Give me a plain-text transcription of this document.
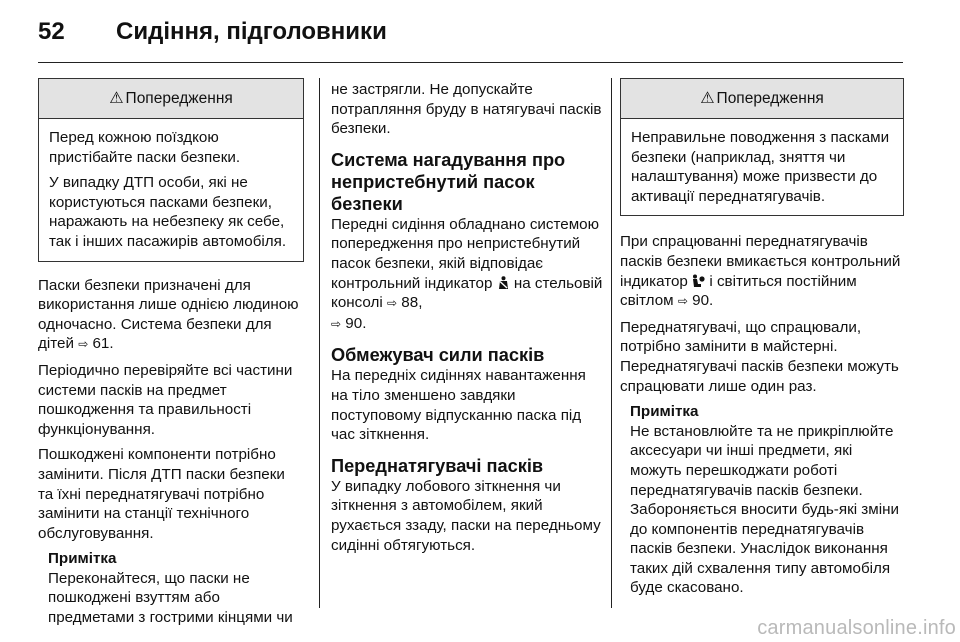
52	Сидіння, підголовники
⚠ Попередження

Перед кожною поїздкою пристібайте паски безпеки.

У випадку ДТП особи, які не користуються пасками безпеки, наражають на небезпеку як себе, так і інших пасажирів автомобіля.

Паски безпеки призначені для використання лише однією людиною одночасно. Система безпеки для дітей ⇨ 61.

Періодично перевіряйте всі частини системи пасків на предмет пошкодження та правильності функціонування.

Пошкоджені компоненти потрібно замінити. Після ДТП паски безпеки та їхні переднатягувачі потрібно замінити на станції технічного обслуговування.

Примітка

Переконайтеся, що паски не пошкоджені взуттям або предметами з гострими кінцями чи

не застрягли. Не допускайте потрапляння бруду в натягувачі пасків безпеки.

Система нагадування про непристебнутий пасок безпеки

Передні сидіння обладнано системою попередження про непристебнутий пасок безпеки, якій відповідає контрольний індикатор на стельовій консолі ⇨ 88,
⇨ 90.

Обмежувач сили пасків

На передніх сидіннях навантаження на тіло зменшено завдяки поступовому відпусканню паска під час зіткнення.

Переднатягувачі пасків

У випадку лобового зіткнення чи зіткнення з автомобілем, який рухається ззаду, паски на передньому сидінні обтягуються.

⚠ Попередження

Неправильне поводження з пасками безпеки (наприклад, зняття чи налаштування) може призвести до активації переднатягувачів.

При спрацюванні переднатягувачів пасків безпеки вмикається контрольний індикатор і світиться постійним світлом ⇨ 90.

Переднатягувачі, що спрацювали, потрібно замінити в майстерні. Переднатягувачі пасків безпеки можуть спрацювати лише один раз.

Примітка

Не встановлюйте та не прикріплюйте аксесуари чи інші предмети, які можуть перешкоджати роботі переднатягувачів пасків безпеки. Забороняється вносити будь-які зміни до компонентів переднатягувачів пасків безпеки. Унаслідок виконання таких дій схвалення типу автомобіля буде скасовано.

carmanualsonline.info
